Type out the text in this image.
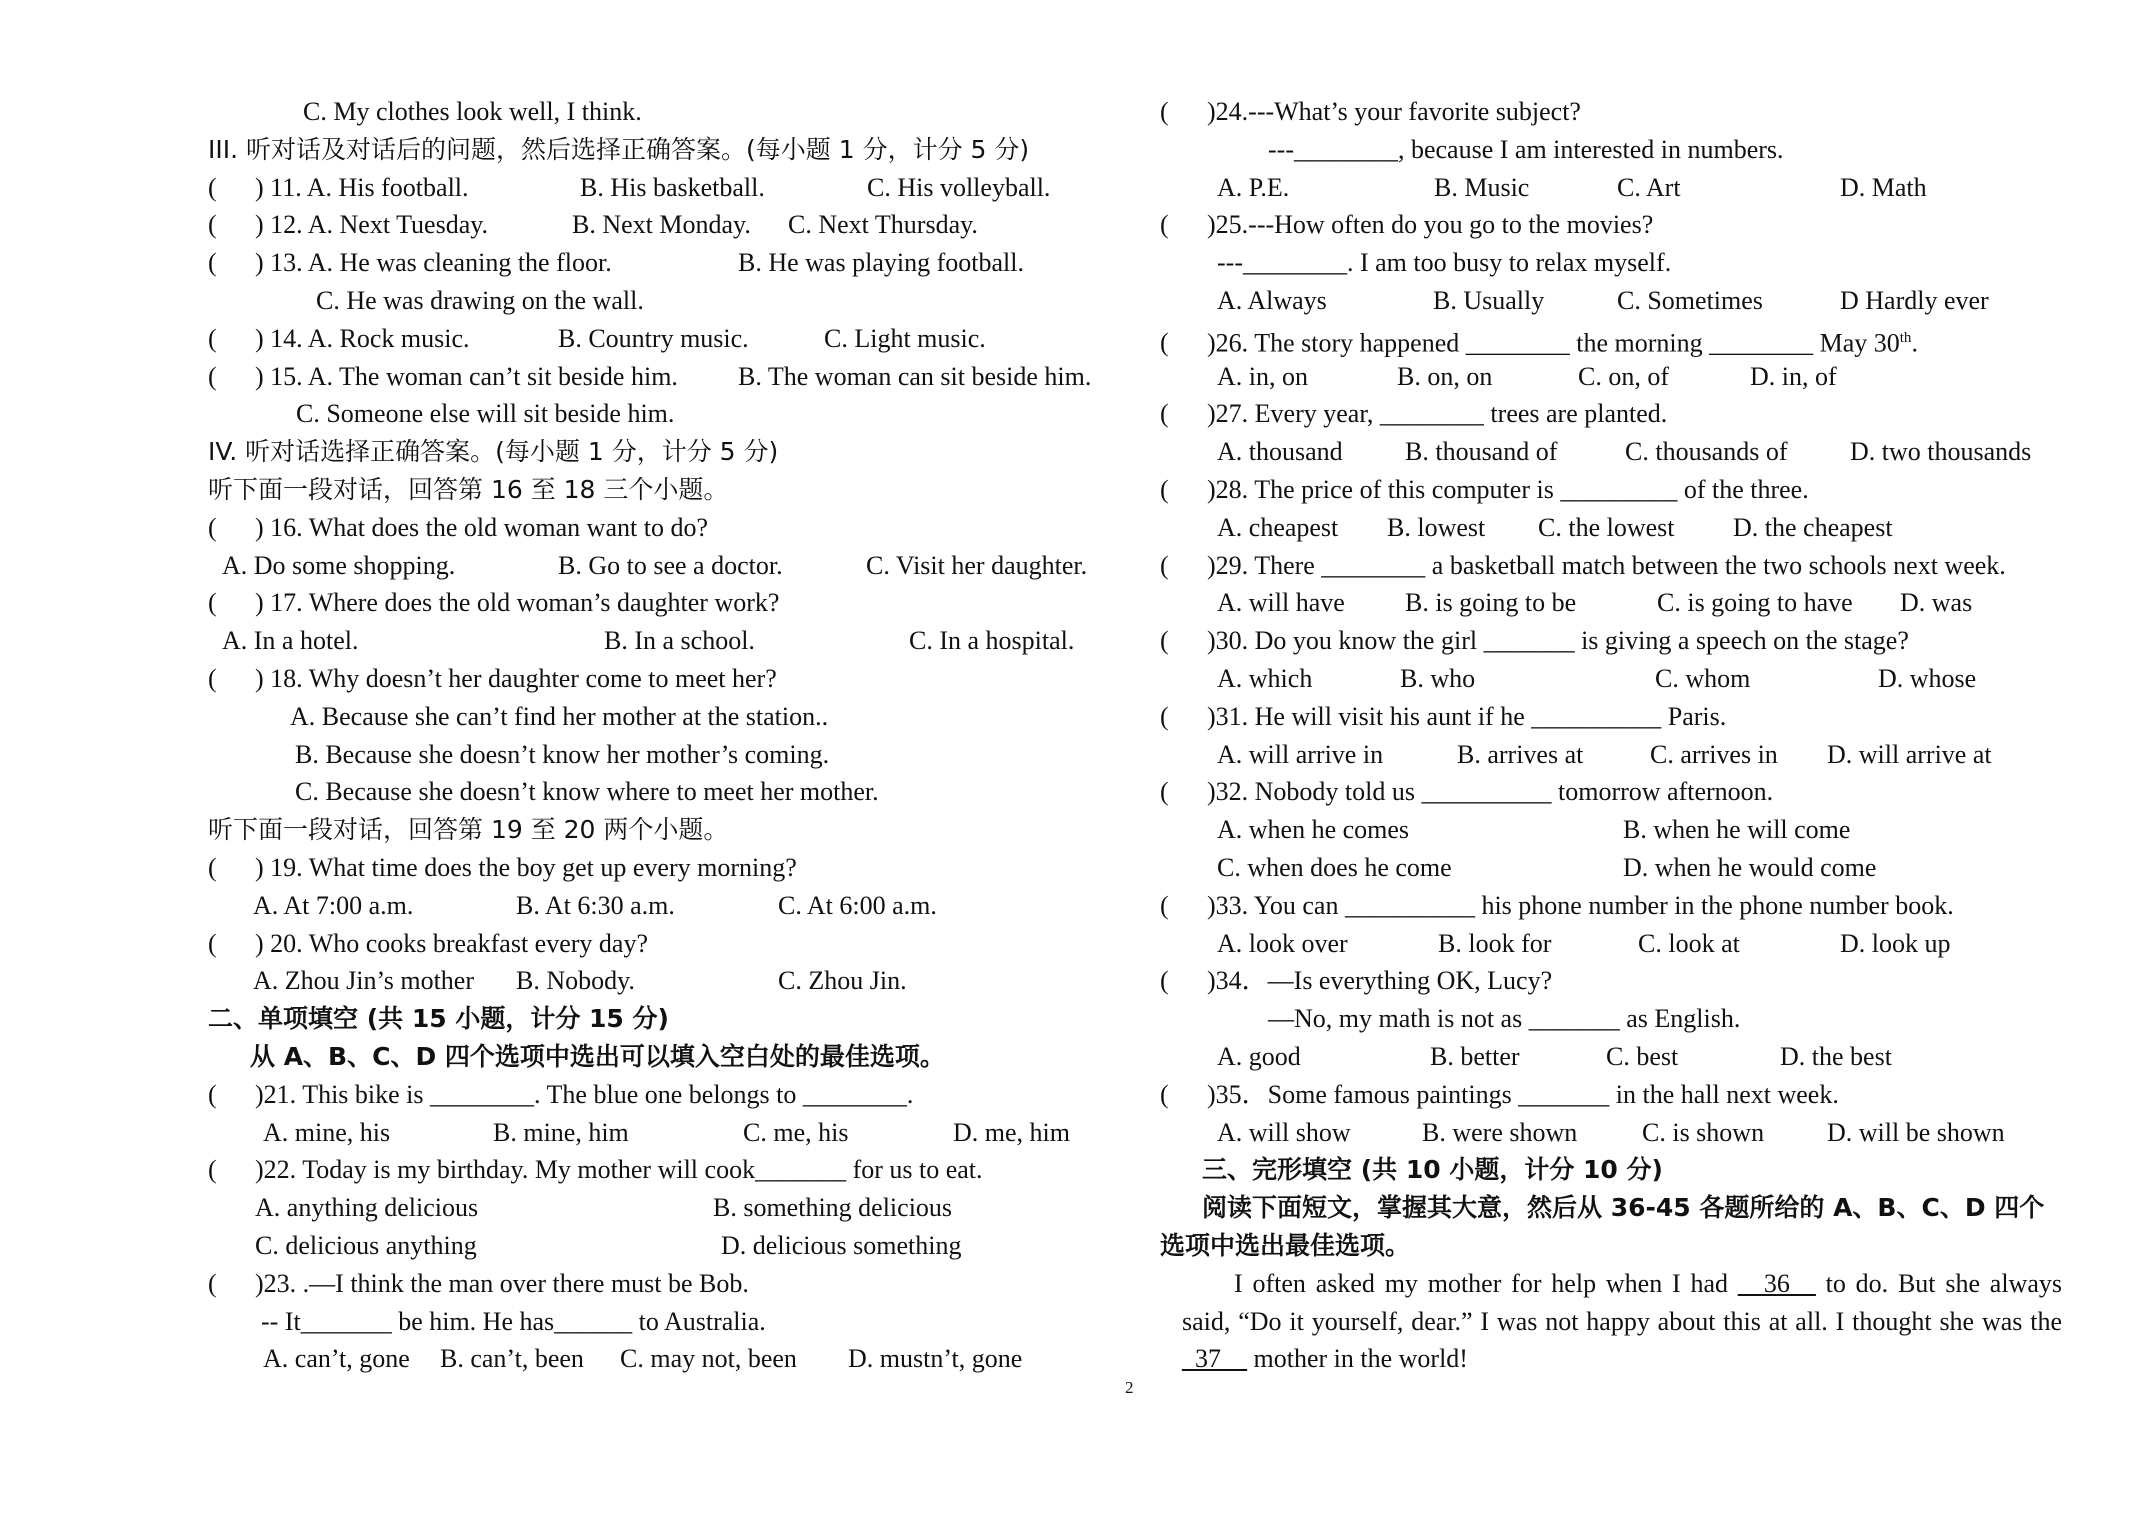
C. My clothes look well, I think.
III. 听对话及对话后的问题，然后选择正确答案。(每小题 1 分，计分 5 分)
( ) 11. A. His football.	B. His basketball.	C. His volleyball.
( ) 12. A. Next Tuesday.	B. Next Monday. C. Next Thursday.
( ) 13. A. He was cleaning the floor.	B. He was playing football.
C. He was drawing on the wall.
( ) 14. A. Rock music.	B. Country music.	C. Light music.
( ) 15. A. The woman can’t sit beside him. B. The woman can sit beside him.
C. Someone else will sit beside him.
IV. 听对话选择正确答案。(每小题 1 分，计分 5 分)
听下面一段对话，回答第 16 至 18 三个小题。
( ) 16. What does the old woman want to do?
A. Do some shopping.	B. Go to see a doctor.	C. Visit her daughter.
( ) 17. Where does the old woman’s daughter work?
A. In a hotel.	B. In a school.	C. In a hospital.
( ) 18. Why doesn’t her daughter come to meet her?
A. Because she can’t find her mother at the station..
B. Because she doesn’t know her mother’s coming.
C. Because she doesn’t know where to meet her mother.
听下面一段对话，回答第 19 至 20 两个小题。
( ) 19. What time does the boy get up every morning?
A. At 7:00 a.m.	B. At 6:30 a.m.	C. At 6:00 a.m.
( ) 20. Who cooks breakfast every day?
A. Zhou Jin’s mother B. Nobody.	C. Zhou Jin.
二、单项填空 (共 15 小题，计分 15 分)
从 A、B、C、D 四个选项中选出可以填入空白处的最佳选项。
( )21. This bike is ________. The blue one belongs to ________.
A. mine, his	B. mine, him	C. me, his	D. me, him
( )22. Today is my birthday. My mother will cook_______ for us to eat.
A. anything delicious	B. something delicious
C. delicious anything	D. delicious something
( )23. .—I think the man over there must be Bob.
-- It_______ be him. He has______ to Australia.
A. can’t, gone B. can’t, been C. may not, been D. mustn’t, gone
( )24.---What’s your favorite subject?
---________, because I am interested in numbers.
A. P.E.	B. Music	C. Art	D. Math
( )25.---How often do you go to the movies?
---________. I am too busy to relax myself.
A. Always	B. Usually	C. Sometimes	D Hardly ever
( )26. The story happened ________ the morning ________ May 30th.
A. in, on	B. on, on	C. on, of	D. in, of
( )27. Every year, ________ trees are planted.
A. thousand B. thousand of	C. thousands of D. two thousands
( )28. The price of this computer is _________ of the three.
A. cheapest B. lowest C. the lowest D. the cheapest
( )29. There ________ a basketball match between the two schools next week.
A. will have B. is going to be	C. is going to have D. was
( )30. Do you know the girl _______ is giving a speech on the stage?
A. which	B. who	C. whom	D. whose
( )31. He will visit his aunt if he __________ Paris.
A. will arrive in	B. arrives at	C. arrives in D. will arrive at
( )32. Nobody told us __________ tomorrow afternoon.
A. when he comes	B. when he will come
C. when does he come	D. when he would come
( )33. You can __________ his phone number in the phone number book.
A. look over	B. look for	C. look at	D. look up
( )34．—Is everything OK, Lucy?
—No, my math is not as _______ as English.
A. good	B. better	C. best	D. the best
( )35．Some famous paintings _______ in the hall next week.
A. will show	B. were shown C. is shown D. will be shown
三、完形填空 (共 10 小题，计分 10 分)
阅读下面短文，掌握其大意，然后从 36-45 各题所给的 A、B、C、D 四个
选项中选出最佳选项。
I often asked my mother for help when I had __36__ to do. But she always said, “Do it yourself, dear.” I was not happy about this at all. I thought she was the _37__ mother in the world!
2
